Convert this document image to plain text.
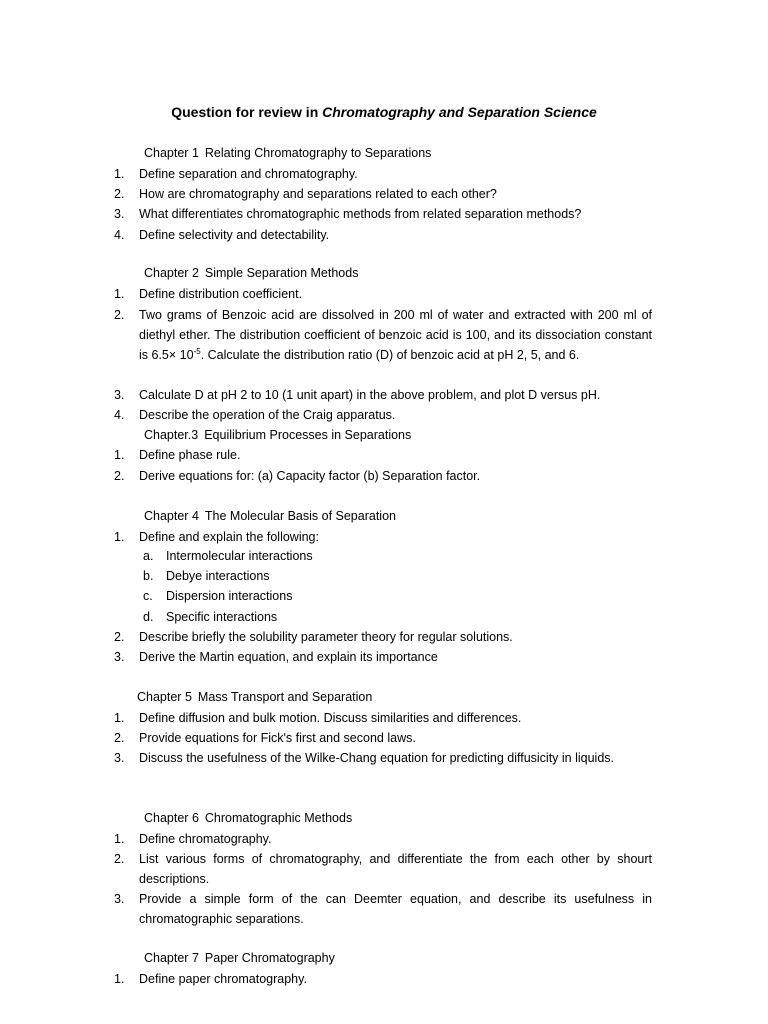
Question for review in Chromatography and Separation Science
Chapter 1 Relating Chromatography to Separations
1. Define separation and chromatography.
2. How are chromatography and separations related to each other?
3. What differentiates chromatographic methods from related separation methods?
4. Define selectivity and detectability.
Chapter 2 Simple Separation Methods
1. Define distribution coefficient.
2. Two grams of Benzoic acid are dissolved in 200 ml of water and extracted with 200 ml of diethyl ether. The distribution coefficient of benzoic acid is 100, and its dissociation constant is $6.5\times 10^{-5}$. Calculate the distribution ratio (D) of benzoic acid at pH 2, 5, and 6.
3. Calculate D at pH 2 to 10 (1 unit apart) in the above problem, and plot D versus pH.
4. Describe the operation of the Craig apparatus.
Chapter.3 Equilibrium Processes in Separations
1. Define phase rule.
2. Derive equations for: (a) Capacity factor (b) Separation factor.
Chapter 4 The Molecular Basis of Separation
1. Define and explain the following:
a. Intermolecular interactions
b. Debye interactions
c. Dispersion interactions
d. Specific interactions
2. Describe briefly the solubility parameter theory for regular solutions.
3. Derive the Martin equation, and explain its importance
Chapter 5 Mass Transport and Separation
1. Define diffusion and bulk motion. Discuss similarities and differences.
2. Provide equations for Fick's first and second laws.
3. Discuss the usefulness of the Wilke-Chang equation for predicting diffusicity in liquids.
Chapter 6 Chromatographic Methods
1. Define chromatography.
2. List various forms of chromatography, and differentiate the from each other by shourt descriptions.
3. Provide a simple form of the can Deemter equation, and describe its usefulness in chromatographic separations.
Chapter 7 Paper Chromatography
1. Define paper chromatography.
